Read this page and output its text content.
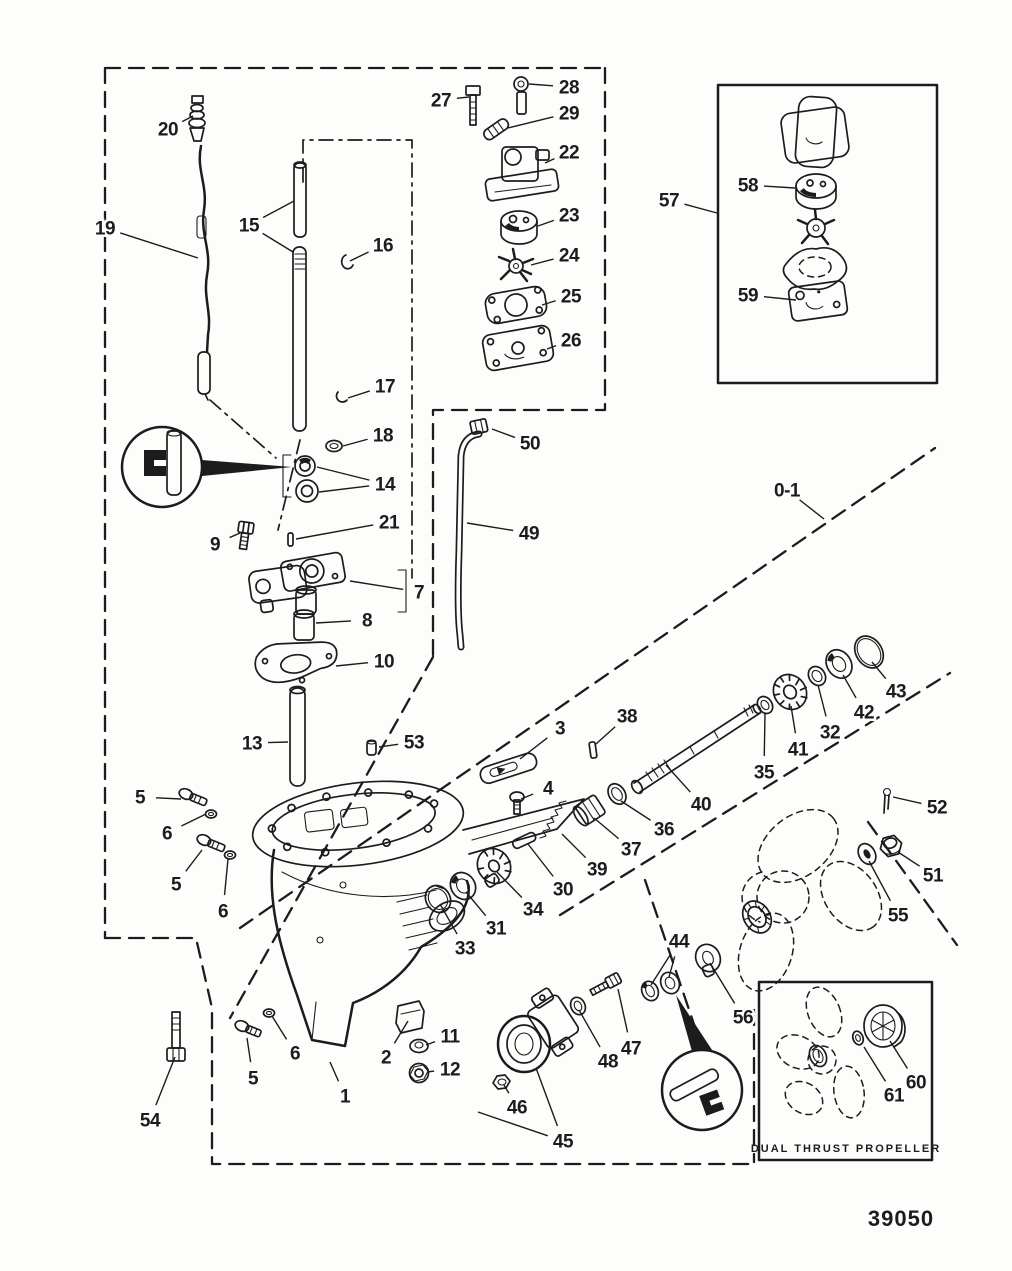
DUAL THRUST PROPELLER
39050
20
19	15
16
27
28
29
22
23
24
25
26
57
58
59
17
18	50
14	0-1
21
9
49
7
8
10
13	53
38
3
43
42
32
41
35
40
36
37
39
30
34
31
33
4
5
6
5
6
52
51
55
44
56
47
48
11
2
12
6
5
1
46
45
54
60
61
